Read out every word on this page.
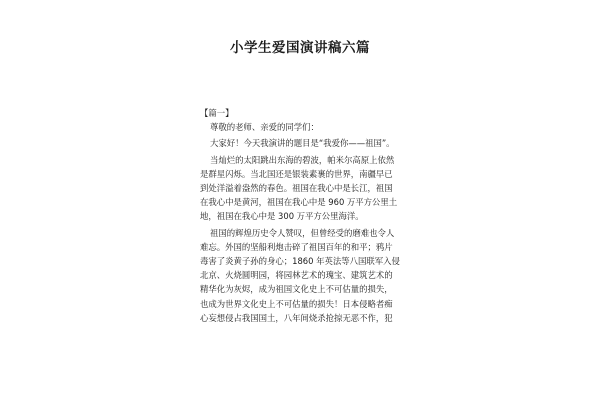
小学生爱国演讲稿六篇

【篇一】

尊敬的老师、亲爱的同学们：

大家好！今天我演讲的题目是“我爱你——祖国”。

当灿烂的太阳跳出东海的碧波，帕米尔高原上依然是群星闪烁。当北国还是银装素裹的世界，南疆早已到处洋溢着盎然的春色。祖国在我心中是长江，祖国在我心中是黄河，祖国在我心中是 960 万平方公里土地，祖国在我心中是 300 万平方公里海洋。

祖国的辉煌历史令人赞叹，但曾经受的磨难也令人难忘。外国的坚船利炮击碎了祖国百年的和平；鸦片毒害了炎黄子孙的身心；1860 年英法等八国联军入侵北京、火烧圆明园，将园林艺术的瑰宝、建筑艺术的精华化为灰烬，成为祖国文化史上不可估量的损失，也成为世界文化史上不可估量的损失！日本侵略者痴心妄想侵占我国国土，八年间烧杀抢掠无恶不作，犯
